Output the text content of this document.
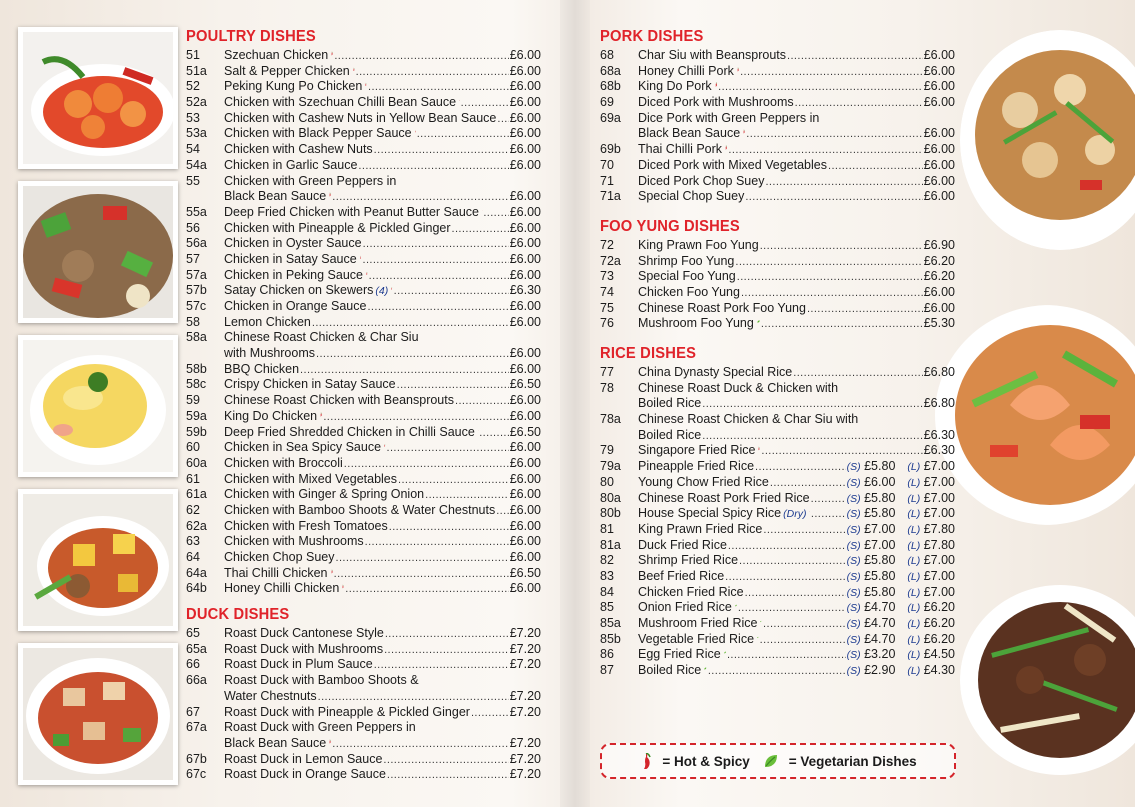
POULTRY DISHES
51 Szechuan Chicken .....	£6.00
51a Salt & Pepper Chicken .....	£6.00
52 Peking Kung Po Chicken .....	£6.00
52a Chicken with Szechuan Chilli Bean Sauce .....	£6.00
53 Chicken with Cashew Nuts in Yellow Bean Sauce ..... £6.00
53a Chicken with Black Pepper Sauce .....	£6.00
54 Chicken with Cashew Nuts .....	£6.00
54a Chicken in Garlic Sauce .....	£6.00
55 Chicken with Green Peppers in
Black Bean Sauce .....	£6.00
55a Deep Fried Chicken with Peanut Butter Sauce ..... £6.00
56 Chicken with Pineapple & Pickled Ginger .....	£6.00
56a Chicken in Oyster Sauce .....	£6.00
57 Chicken in Satay Sauce .....	£6.00
57a Chicken in Peking Sauce .....	£6.00
57b Satay Chicken on Skewers (4) .....	£6.30
57c Chicken in Orange Sauce .....	£6.00
58 Lemon Chicken .....	£6.00
58a Chinese Roast Chicken & Char Siu
with Mushrooms .....	£6.00
58b BBQ Chicken .....	£6.00
58c Crispy Chicken in Satay Sauce .....	£6.50
59 Chinese Roast Chicken with Beansprouts .....	£6.00
59a King Do Chicken .....	£6.00
59b Deep Fried Shredded Chicken in Chilli Sauce .....	£6.50
60 Chicken in Sea Spicy Sauce .....	£6.00
60a Chicken with Broccoli .....	£6.00
61 Chicken with Mixed Vegetables .....	£6.00
61a Chicken with Ginger & Spring Onion .....	£6.00
62 Chicken with Bamboo Shoots & Water Chestnuts ..... £6.00
62a Chicken with Fresh Tomatoes .....	£6.00
63 Chicken with Mushrooms .....	£6.00
64 Chicken Chop Suey .....	£6.00
64a Thai Chilli Chicken .....	£6.50
64b Honey Chilli Chicken .....	£6.00
DUCK DISHES
65 Roast Duck Cantonese Style .....	£7.20
65a Roast Duck with Mushrooms .....	£7.20
66 Roast Duck in Plum Sauce .....	£7.20
66a Roast Duck with Bamboo Shoots &
Water Chestnuts .....	£7.20
67 Roast Duck with Pineapple & Pickled Ginger .....	£7.20
67a Roast Duck with Green Peppers in
Black Bean Sauce .....	£7.20
67b Roast Duck in Lemon Sauce .....	£7.20
67c Roast Duck in Orange Sauce .....	£7.20
PORK DISHES
68 Char Siu with Beansprouts .....	£6.00
68a Honey Chilli Pork .....	£6.00
68b King Do Pork .....	£6.00
69 Diced Pork with Mushrooms .....	£6.00
69a Dice Pork with Green Peppers in
Black Bean Sauce .....	£6.00
69b Thai Chilli Pork .....	£6.00
70 Diced Pork with Mixed Vegetables .....	£6.00
71 Diced Pork Chop Suey .....	£6.00
71a Special Chop Suey .....	£6.00
FOO YUNG DISHES
72 King Prawn Foo Yung .....	£6.90
72a Shrimp Foo Yung .....	£6.20
73 Special Foo Yung .....	£6.20
74 Chicken Foo Yung .....	£6.00
75 Chinese Roast Pork Foo Yung .....	£6.00
76 Mushroom Foo Yung .....	£5.30
RICE DISHES
77 China Dynasty Special Rice .....	£6.80
78 Chinese Roast Duck & Chicken with
Boiled Rice .....	£6.80
78a Chinese Roast Chicken & Char Siu with
Boiled Rice .....	£6.30
79 Singapore Fried Rice .....	£6.30
79a Pineapple Fried Rice .....	(S) £5.80 (L) £7.00
80 Young Chow Fried Rice .....	(S) £6.00 (L) £7.00
80a Chinese Roast Pork Fried Rice .....	(S) £5.80 (L) £7.00
80b House Special Spicy Rice (Dry) .....	(S) £5.80 (L) £7.00
81 King Prawn Fried Rice .....	(S) £7.00 (L) £7.80
81a Duck Fried Rice .....	(S) £7.00 (L) £7.80
82 Shrimp Fried Rice .....	(S) £5.80 (L) £7.00
83 Beef Fried Rice .....	(S) £5.80 (L) £7.00
84 Chicken Fried Rice .....	(S) £5.80 (L) £7.00
85 Onion Fried Rice .....	(S) £4.70 (L) £6.20
85a Mushroom Fried Rice .....	(S) £4.70 (L) £6.20
85b Vegetable Fried Rice .....	(S) £4.70 (L) £6.20
86 Egg Fried Rice .....	(S) £3.20 (L) £4.50
87 Boiled Rice .....	(S) £2.90 (L) £4.30
= Hot & Spicy	= Vegetarian Dishes
